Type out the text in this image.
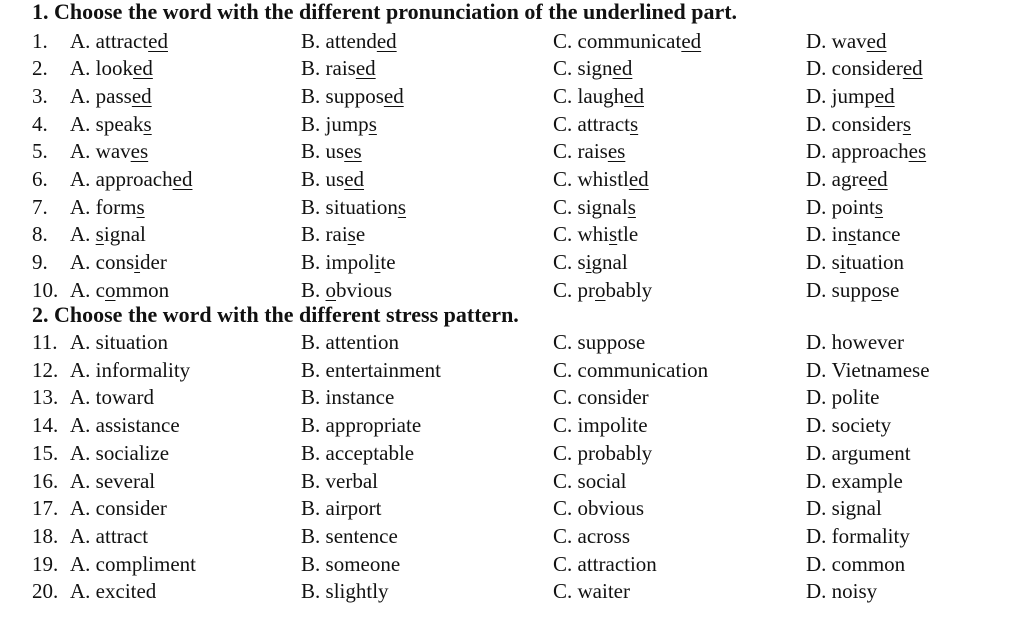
1. Choose the word with the different pronunciation of the underlined part.
1. A. attracted	B. attended	C. communicated	D. waved
2. A. looked	B. raised	C. signed	D. considered
3. A. passed	B. supposed	C. laughed	D. jumped
4. A. speaks	B. jumps	C. attracts	D. considers
5. A. waves	B. uses	C. raises	D. approaches
6. A. approached	B. used	C. whistled	D. agreed
7. A. forms	B. situations	C. signals	D. points
8. A. signal	B. raise	C. whistle	D. instance
9. A. consider	B. impolite	C. signal	D. situation
10. A. common	B. obvious	C. probably	D. suppose
2. Choose the word with the different stress pattern.
11. A. situation	B. attention	C. suppose	D. however
12. A. informality	B. entertainment	C. communication	D. Vietnamese
13. A. toward	B. instance	C. consider	D. polite
14. A. assistance	B. appropriate	C. impolite	D. society
15. A. socialize	B. acceptable	C. probably	D. argument
16. A. several	B. verbal	C. social	D. example
17. A. consider	B. airport	C. obvious	D. signal
18. A. attract	B. sentence	C. across	D. formality
19. A. compliment	B. someone	C. attraction	D. common
20. A. excited	B. slightly	C. waiter	D. noisy
